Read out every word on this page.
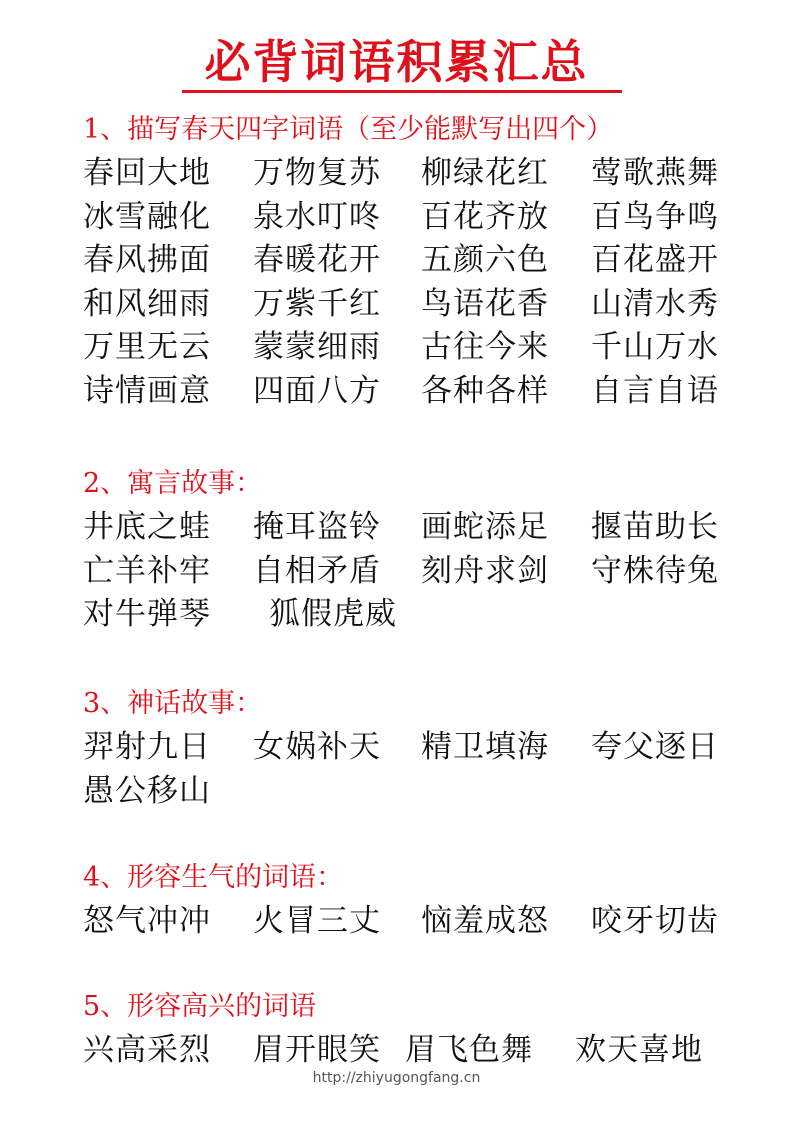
必背词语积累汇总
1、描写春天四字词语（至少能默写出四个）
春回大地 万物复苏 柳绿花红 莺歌燕舞
冰雪融化 泉水叮咚 百花齐放 百鸟争鸣
春风拂面 春暖花开 五颜六色 百花盛开
和风细雨 万紫千红 鸟语花香 山清水秀
万里无云 蒙蒙细雨 古往今来 千山万水
诗情画意 四面八方 各种各样 自言自语
2、寓言故事：
井底之蛙 掩耳盗铃 画蛇添足 揠苗助长
亡羊补牢 自相矛盾 刻舟求剑 守株待兔
对牛弹琴 狐假虎威
3、神话故事：
羿射九日 女娲补天 精卫填海 夸父逐日
愚公移山
4、形容生气的词语：
怒气冲冲 火冒三丈 恼羞成怒 咬牙切齿
5、形容高兴的词语
兴高采烈 眉开眼笑 眉飞色舞 欢天喜地
http://zhiyugongfang.cn
